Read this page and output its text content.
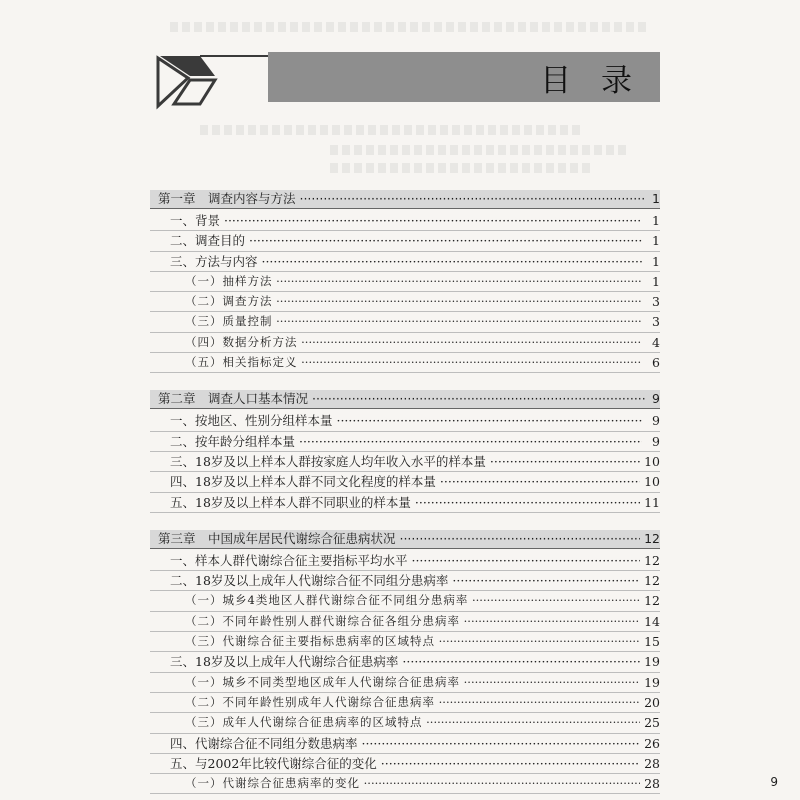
目 录
第一章　调查内容与方法 ·····	1
一、背景 ·····	1
二、调查目的 ·····	1
三、方法与内容 ·····	1
（一）抽样方法 ·····	1
（二）调查方法 ·····	3
（三）质量控制 ·····	3
（四）数据分析方法 ·····	4
（五）相关指标定义 ·····	6
第二章　调查人口基本情况 ·····	9
一、按地区、性别分组样本量 ·····	9
二、按年龄分组样本量 ·····	9
三、18岁及以上样本人群按家庭人均年收入水平的样本量 ·····	10
四、18岁及以上样本人群不同文化程度的样本量 ·····	10
五、18岁及以上样本人群不同职业的样本量 ·····	11
第三章　中国成年居民代谢综合征患病状况 ·····	12
一、样本人群代谢综合征主要指标平均水平 ·····	12
二、18岁及以上成年人代谢综合征不同组分患病率 ·····	12
（一）城乡4类地区人群代谢综合征不同组分患病率 ·····	12
（二）不同年龄性别人群代谢综合征各组分患病率 ·····	14
（三）代谢综合征主要指标患病率的区域特点 ·····	15
三、18岁及以上成年人代谢综合征患病率 ·····	19
（一）城乡不同类型地区成年人代谢综合征患病率 ·····	19
（二）不同年龄性别成年人代谢综合征患病率 ·····	20
（三）成年人代谢综合征患病率的区域特点 ·····	25
四、代谢综合征不同组分数患病率 ·····	26
五、与2002年比较代谢综合征的变化 ·····	28
（一）代谢综合征患病率的变化 ·····	28	9
